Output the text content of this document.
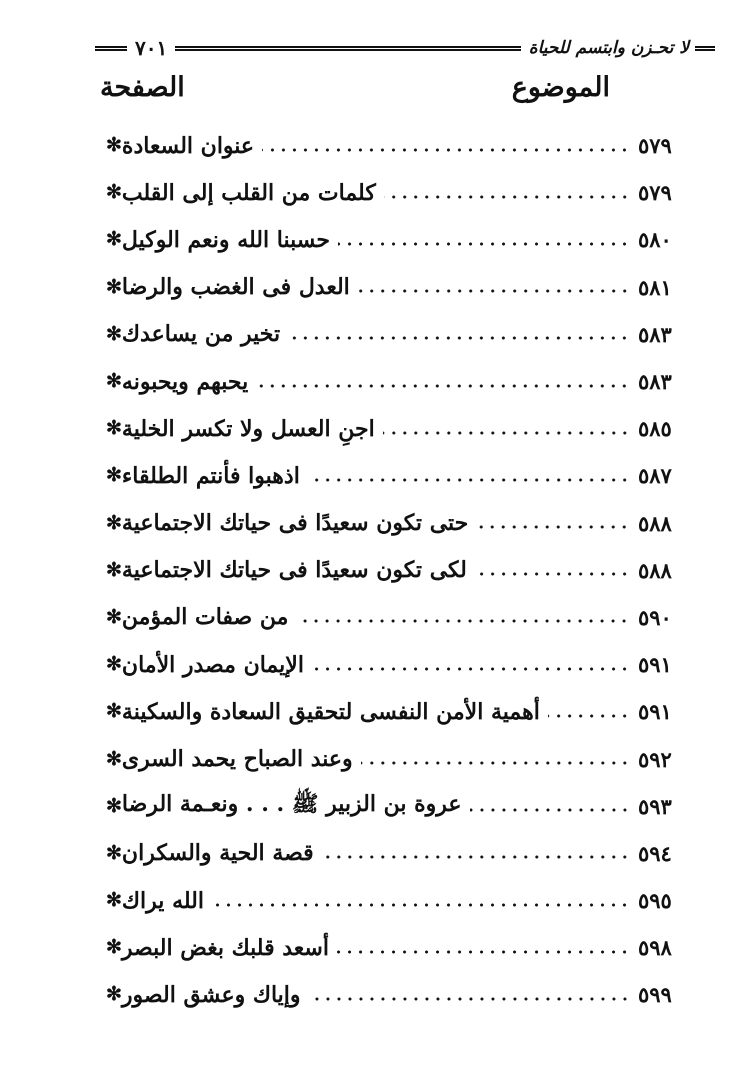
لا تحـزن وابتسم للحياة
٧٠١
الموضوع
الصفحة
✻ عنوان السعادة	٥٧٩
✻ كلمات من القلب إلى القلب	٥٧٩
✻ حسبنا الله ونعم الوكيل	٥٨٠
✻ العدل فى الغضب والرضا	٥٨١
✻ تخير من يساعدك	٥٨٣
✻ يحبهم ويحبونه	٥٨٣
✻ اجنِ العسل ولا تكسر الخلية	٥٨٥
✻ اذهبوا فأنتم الطلقاء	٥٨٧
✻ حتى تكون سعيدًا فى حياتك الاجتماعية	٥٨٨
✻ لكى تكون سعيدًا فى حياتك الاجتماعية	٥٨٨
✻ من صفات المؤمن	٥٩٠
✻ الإيمان مصدر الأمان	٥٩١
✻ أهمية الأمن النفسى لتحقيق السعادة والسكينة	٥٩١
✻ وعند الصباح يحمد السرى	٥٩٢
✻ عروة بن الزبير ﷺ . . . ونعـمة الرضا	٥٩٣
✻ قصة الحية والسكران	٥٩٤
✻ الله يراك	٥٩٥
✻ أسعد قلبك بغض البصر	٥٩٨
✻ وإياك وعشق الصور	٥٩٩
